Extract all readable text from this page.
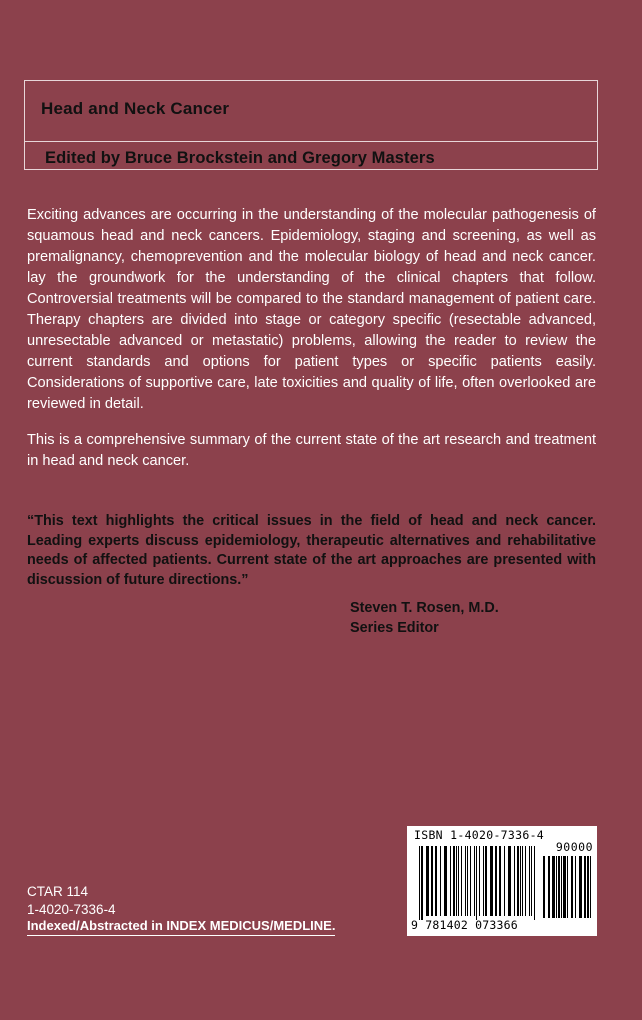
Head and Neck Cancer
Edited by Bruce Brockstein and Gregory Masters

Exciting advances are occurring in the understanding of the molecular pathogenesis of squamous head and neck cancers. Epidemiology, staging and screening, as well as premalignancy, chemoprevention and the molecular biology of head and neck cancer. lay the groundwork for the understanding of the clinical chapters that follow. Controversial treatments will be compared to the standard management of patient care. Therapy chapters are divided into stage or category specific (resectable advanced, unresectable advanced or metastatic) problems, allowing the reader to review the current standards and options for patient types or specific patients easily. Considerations of supportive care, late toxicities and quality of life, often overlooked are reviewed in detail.

This is a comprehensive summary of the current state of the art research and treatment in head and neck cancer.

“This text highlights the critical issues in the field of head and neck cancer. Leading experts discuss epidemiology, therapeutic alternatives and rehabilitative needs of affected patients. Current state of the art approaches are presented with discussion of future directions.”
Steven T. Rosen, M.D.
Series Editor
CTAR 114
1-4020-7336-4
Indexed/Abstracted in INDEX MEDICUS/MEDLINE.
ISBN 1-4020-7336-4
90000
9 781402 073366
